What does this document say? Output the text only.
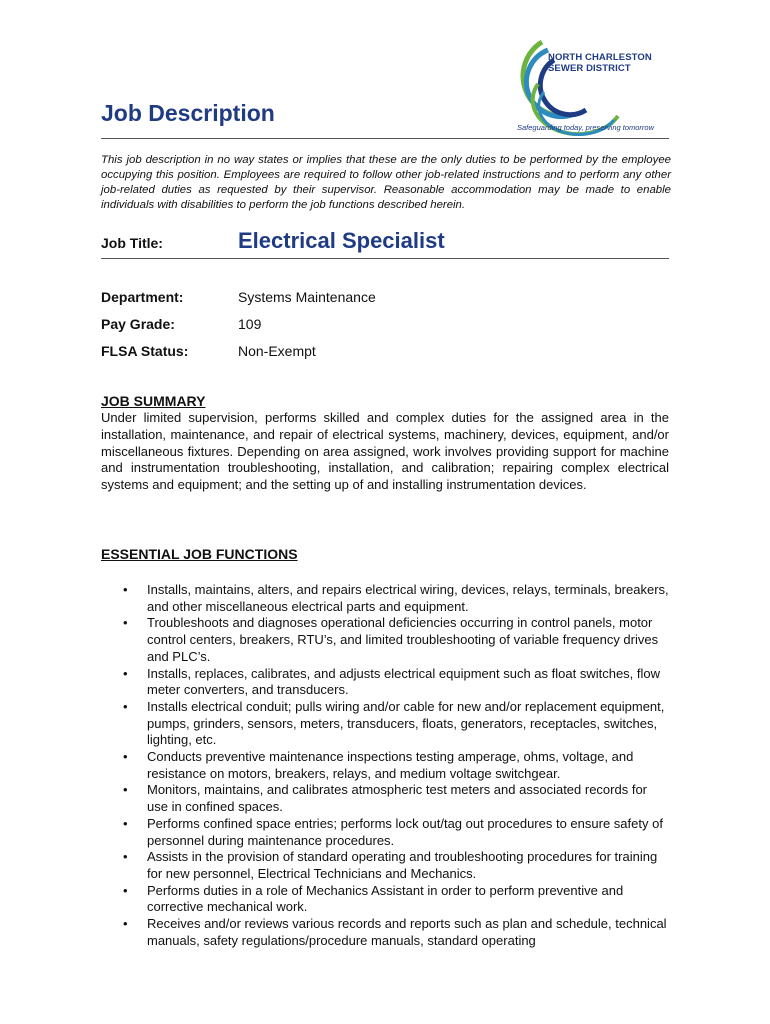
Job Description
NORTH CHARLESTON
SEWER DISTRICT
Safeguarding today, preserving tomorrow
This job description in no way states or implies that these are the only duties to be performed by the employee occupying this position. Employees are required to follow other job-related instructions and to perform any other job-related duties as requested by their supervisor. Reasonable accommodation may be made to enable individuals with disabilities to perform the job functions described herein.
Job Title:	Electrical Specialist
Department:	Systems Maintenance
Pay Grade:	109
FLSA Status:	Non-Exempt
JOB SUMMARY
Under limited supervision, performs skilled and complex duties for the assigned area in the installation, maintenance, and repair of electrical systems, machinery, devices, equipment, and/or miscellaneous fixtures. Depending on area assigned, work involves providing support for machine and instrumentation troubleshooting, installation, and calibration; repairing complex electrical systems and equipment; and the setting up of and installing instrumentation devices.
ESSENTIAL JOB FUNCTIONS
• Installs, maintains, alters, and repairs electrical wiring, devices, relays, terminals, breakers, and other miscellaneous electrical parts and equipment.
• Troubleshoots and diagnoses operational deficiencies occurring in control panels, motor control centers, breakers, RTU’s, and limited troubleshooting of variable frequency drives and PLC’s.
• Installs, replaces, calibrates, and adjusts electrical equipment such as float switches, flow meter converters, and transducers.
• Installs electrical conduit; pulls wiring and/or cable for new and/or replacement equipment, pumps, grinders, sensors, meters, transducers, floats, generators, receptacles, switches, lighting, etc.
• Conducts preventive maintenance inspections testing amperage, ohms, voltage, and resistance on motors, breakers, relays, and medium voltage switchgear.
• Monitors, maintains, and calibrates atmospheric test meters and associated records for use in confined spaces.
• Performs confined space entries; performs lock out/tag out procedures to ensure safety of personnel during maintenance procedures.
• Assists in the provision of standard operating and troubleshooting procedures for training for new personnel, Electrical Technicians and Mechanics.
• Performs duties in a role of Mechanics Assistant in order to perform preventive and corrective mechanical work.
• Receives and/or reviews various records and reports such as plan and schedule, technical manuals, safety regulations/procedure manuals, standard operating
